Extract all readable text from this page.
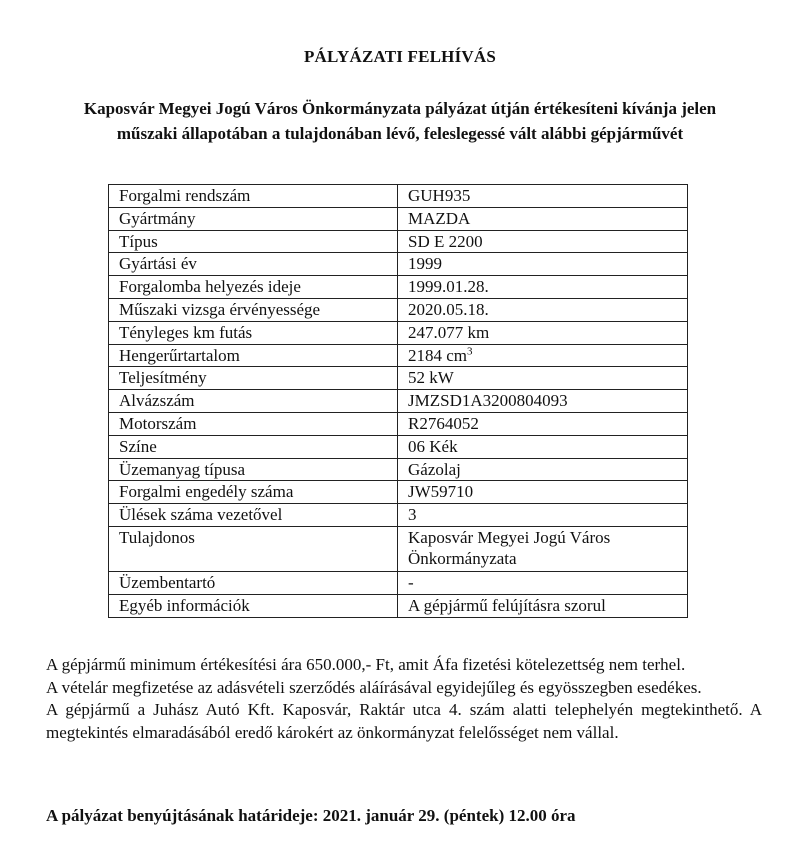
PÁLYÁZATI FELHÍVÁS
Kaposvár Megyei Jogú Város Önkormányzata pályázat útján értékesíteni kívánja jelen
műszaki állapotában a tulajdonában lévő, feleslegessé vált alábbi gépjárművét
Forgalmi rendszám	GUH935
Gyártmány	MAZDA
Típus	SD E 2200
Gyártási év	1999
Forgalomba helyezés ideje	1999.01.28.
Műszaki vizsga érvényessége	2020.05.18.
Tényleges km futás	247.077 km
Hengerűrtartalom	2184 $cm^3$
Teljesítmény	52 kW
Alvázszám	JMZSD1A3200804093
Motorszám	R2764052
Színe	06 Kék
Üzemanyag típusa	Gázolaj
Forgalmi engedély száma	JW59710
Ülések száma vezetővel	3
Tulajdonos	Kaposvár Megyei Jogú Város
Önkormányzata

Üzembentartó	-
Egyéb információk	A gépjármű felújításra szorul

A gépjármű minimum értékesítési ára 650.000,- Ft, amit Áfa fizetési kötelezettség nem terhel.

A vételár megfizetése az adásvételi szerződés aláírásával egyidejűleg és egyösszegben esedékes.

A gépjármű a Juhász Autó Kft. Kaposvár, Raktár utca 4. szám alatti telephelyén megtekinthető. A megtekintés elmaradásából eredő károkért az önkormányzat felelősséget nem vállal.

A pályázat benyújtásának határideje: 2021. január 29. (péntek) 12.00 óra
